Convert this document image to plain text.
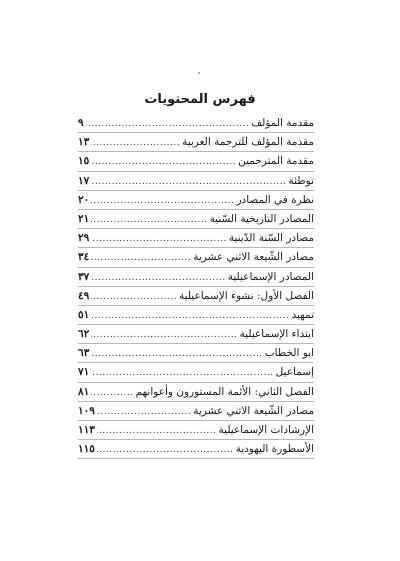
فهرس المحتويات
مقدمة المؤلف
.....
٩
مقدمة المؤلف للترجمة العربية
.....
١٣
مقدمة المترجمين
.....
١٥
توطئة
.....
١٧
نظرة في المصادر
.....
٢٠
المصادر التاريخية السّنية
.....
٢١
مصادر السّنة الدّينية
.....
٢٩
مصادر الشّيعة الاثني عشرية
.....
٣٤
المصادر الإسماعيلية
.....
٣٧
الفصل الأول: نشوء الإسماعيلية
.....
٤٩
تمهيد
.....
٥١
ابتداء الإسماعيلية
.....
٦٢
ابو الخطاب
.....
٦٣
إسماعيل
.....
٧١
الفصل الثاني: الأئمة المستورون وأعوانهم
.....
٨١
مصادر الشّيعة الاثني عشرية
.....
١٠٩
الإرشادات الإسماعيلية
.....
١١٣
الأسطورة اليهودية
.....
١١٥
